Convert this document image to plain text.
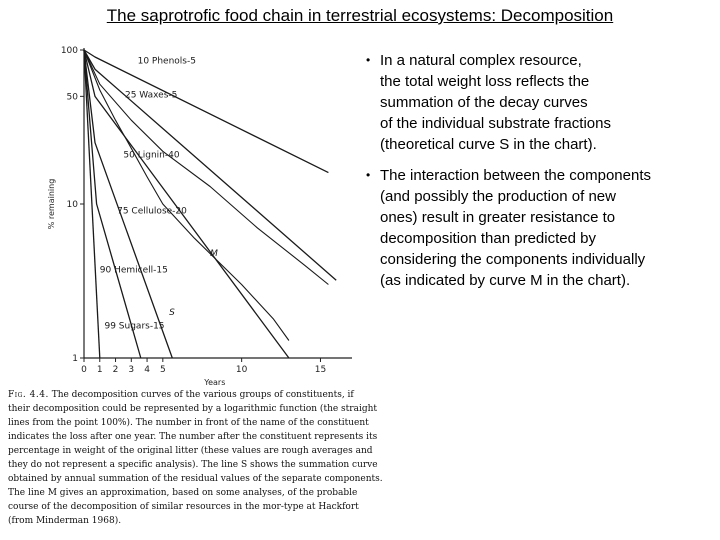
The saprotrofic food chain in terrestrial ecosystems: Decomposition
1
10
50
100
0 1 2 3 4 5	10	15
Years
% remaining
10 Phenols-5
25 Waxes-5
50 Lignin-40
75 Cellulose-20
90 Hemicell-15
99 Sugars-15
S
M
Fig. 4.4. The decomposition curves of the various groups of constituents, if
their decomposition could be represented by a logarithmic function (the straight
lines from the point 100%). The number in front of the name of the constituent
indicates the loss after one year. The number after the constituent represents its
percentage in weight of the original litter (these values are rough averages and
they do not represent a specific analysis). The line S shows the summation curve
obtained by annual summation of the residual values of the separate components.
The line M gives an approximation, based on some analyses, of the probable
course of the decomposition of similar resources in the mor-type at Hackfort
(from Minderman 1968).
• In a natural complex resource,
the total weight loss reflects the
summation of the decay curves
of the individual substrate fractions
(theoretical curve S in the chart).
• The interaction between the components
(and possibly the production of new
ones) result in greater resistance to
decomposition than predicted by
considering the components individually
(as indicated by curve M in the chart).
